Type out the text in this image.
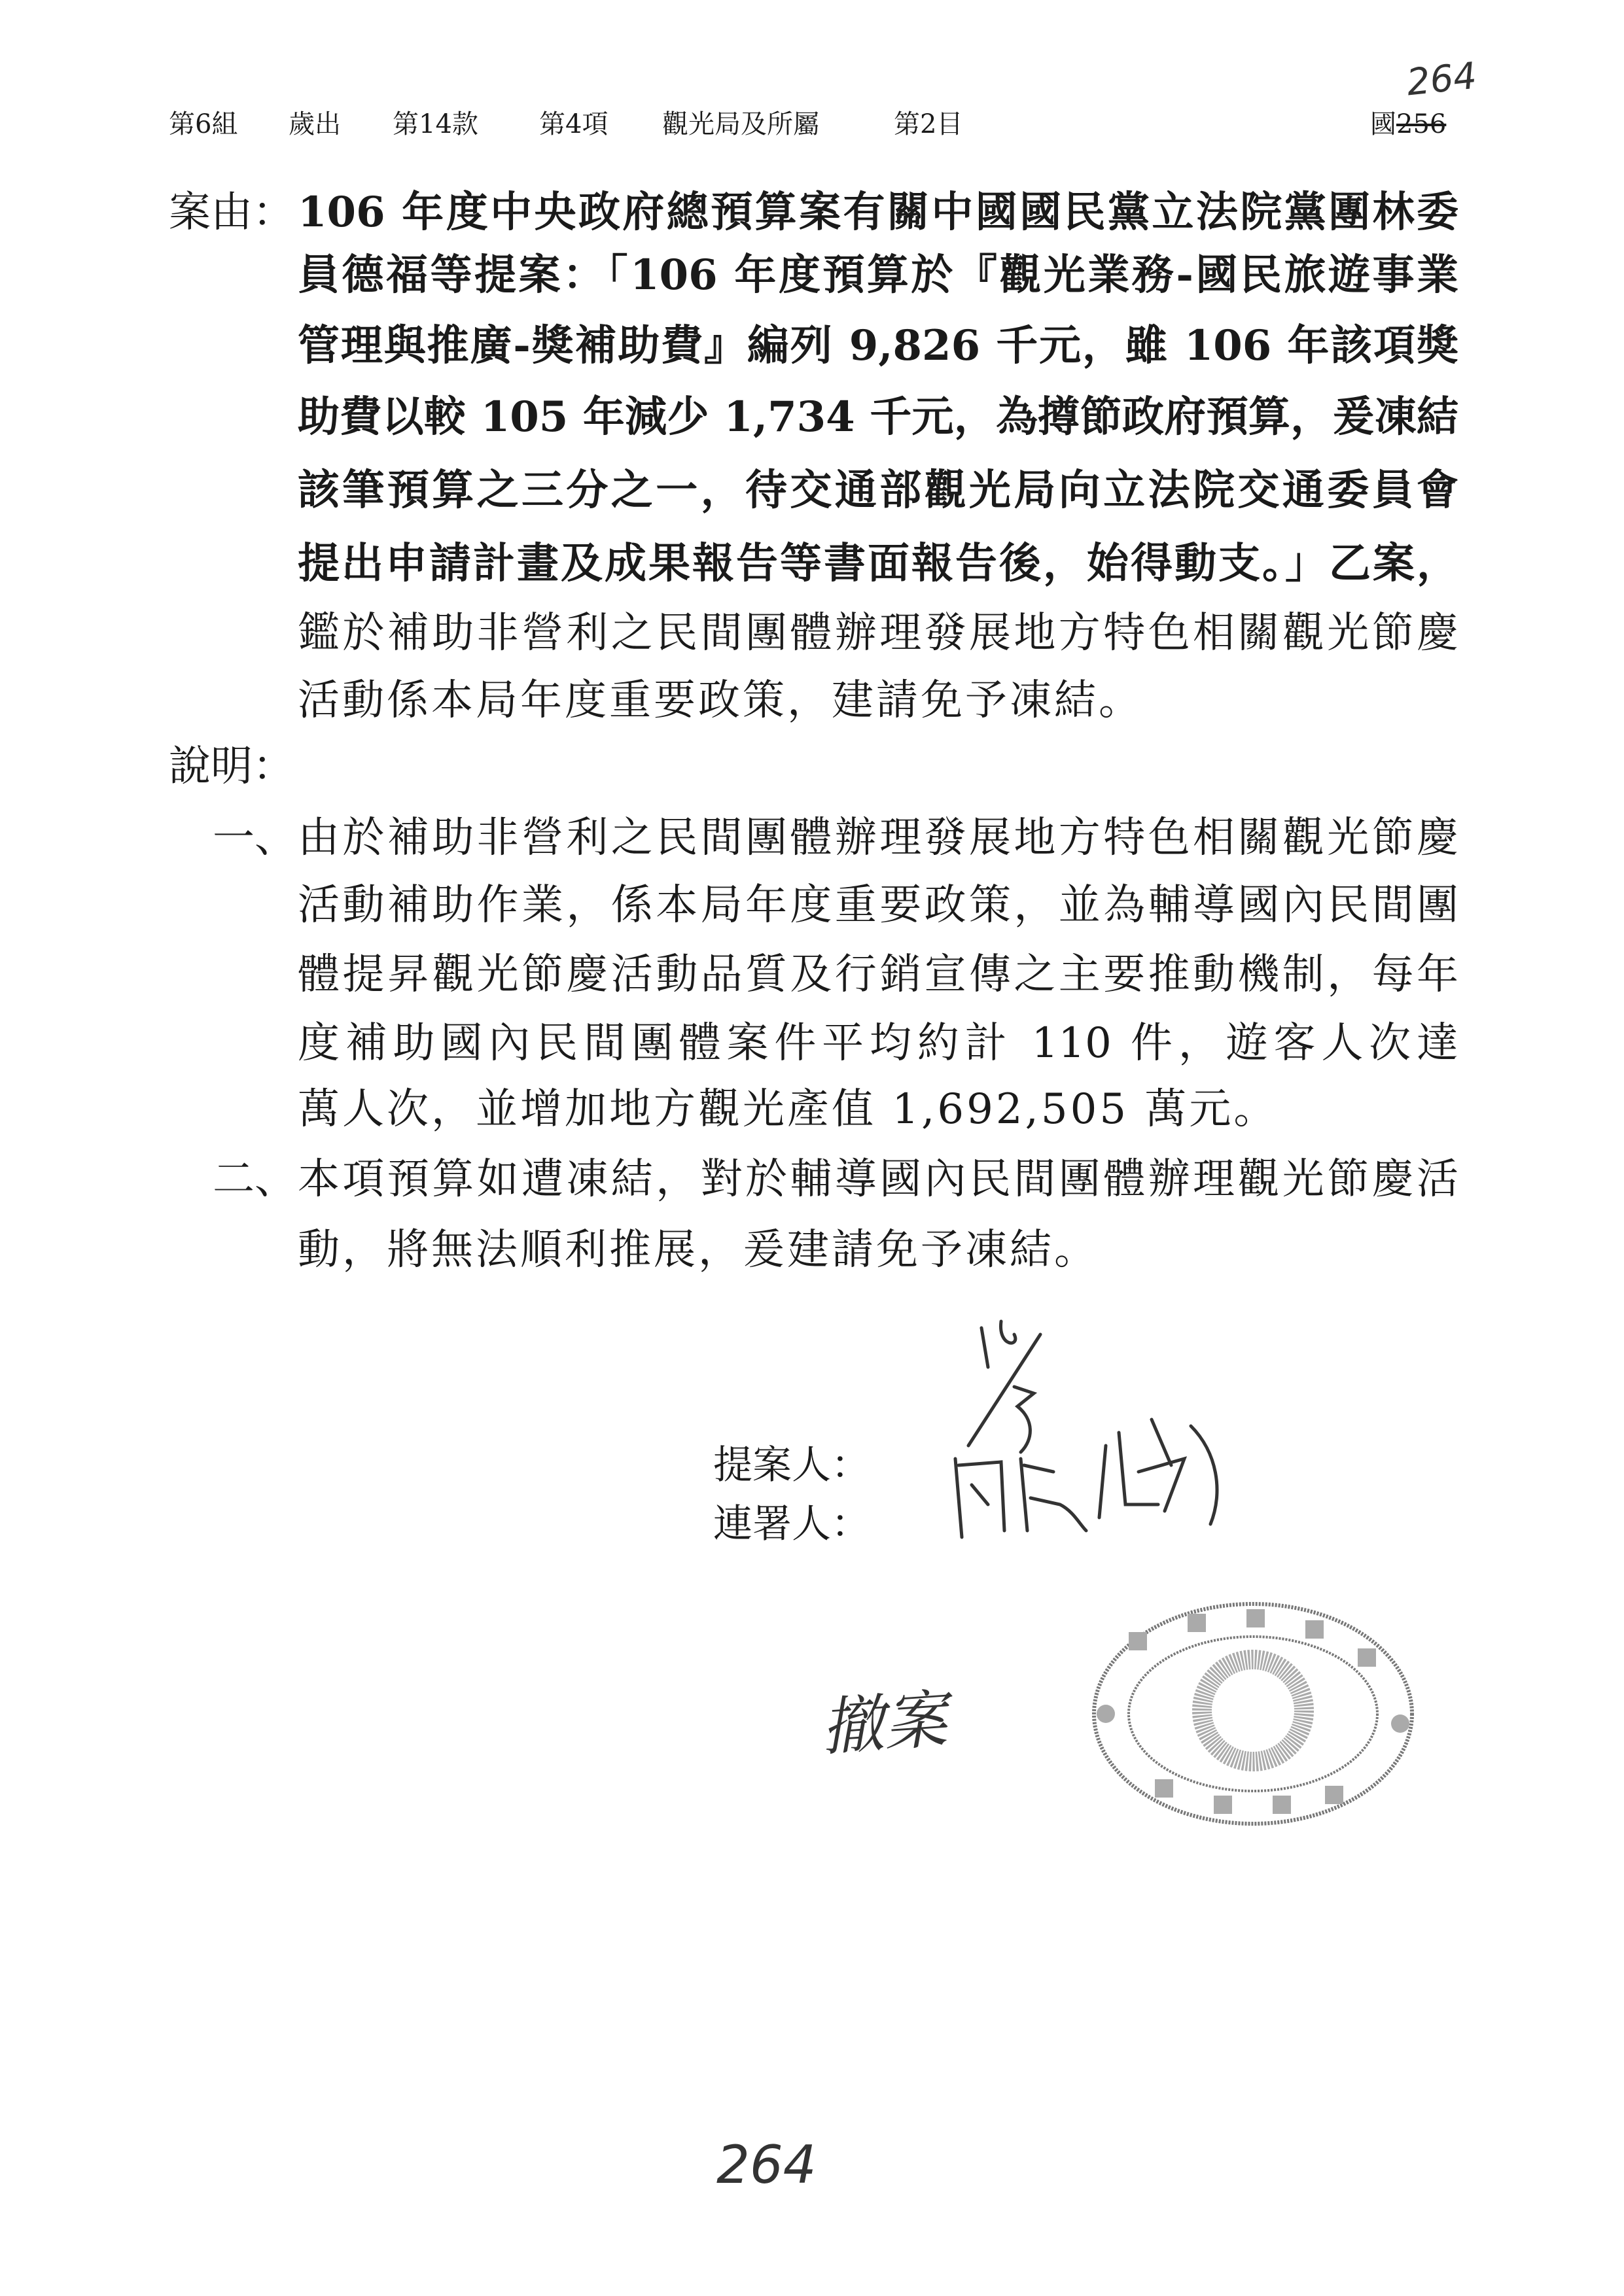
第6組 歲出 第14款 第4項 觀光局及所屬	第2目	國256
264
案由： 106 年度中央政府總預算案有關中國國民黨立法院黨團林委
員德福等提案：「106 年度預算於『觀光業務-國民旅遊事業
管理與推廣-獎補助費』編列 9,826 千元，雖 106 年該項獎
助費以較 105 年減少 1,734 千元，為撙節政府預算，爰凍結
該筆預算之三分之一，待交通部觀光局向立法院交通委員會
提出申請計畫及成果報告等書面報告後，始得動支。」乙案，
鑑於補助非營利之民間團體辦理發展地方特色相關觀光節慶
活動係本局年度重要政策，建請免予凍結。
說明：
一、 由於補助非營利之民間團體辦理發展地方特色相關觀光節慶
活動補助作業，係本局年度重要政策，並為輔導國內民間團
體提昇觀光節慶活動品質及行銷宣傳之主要推動機制，每年
度補助國內民間團體案件平均約計 110 件，遊客人次達
萬人次，並增加地方觀光產值 1,692,505 萬元。
二、 本項預算如遭凍結，對於輔導國內民間團體辦理觀光節慶活
動，將無法順利推展，爰建請免予凍結。
提案人：
連署人：
撤案
264
